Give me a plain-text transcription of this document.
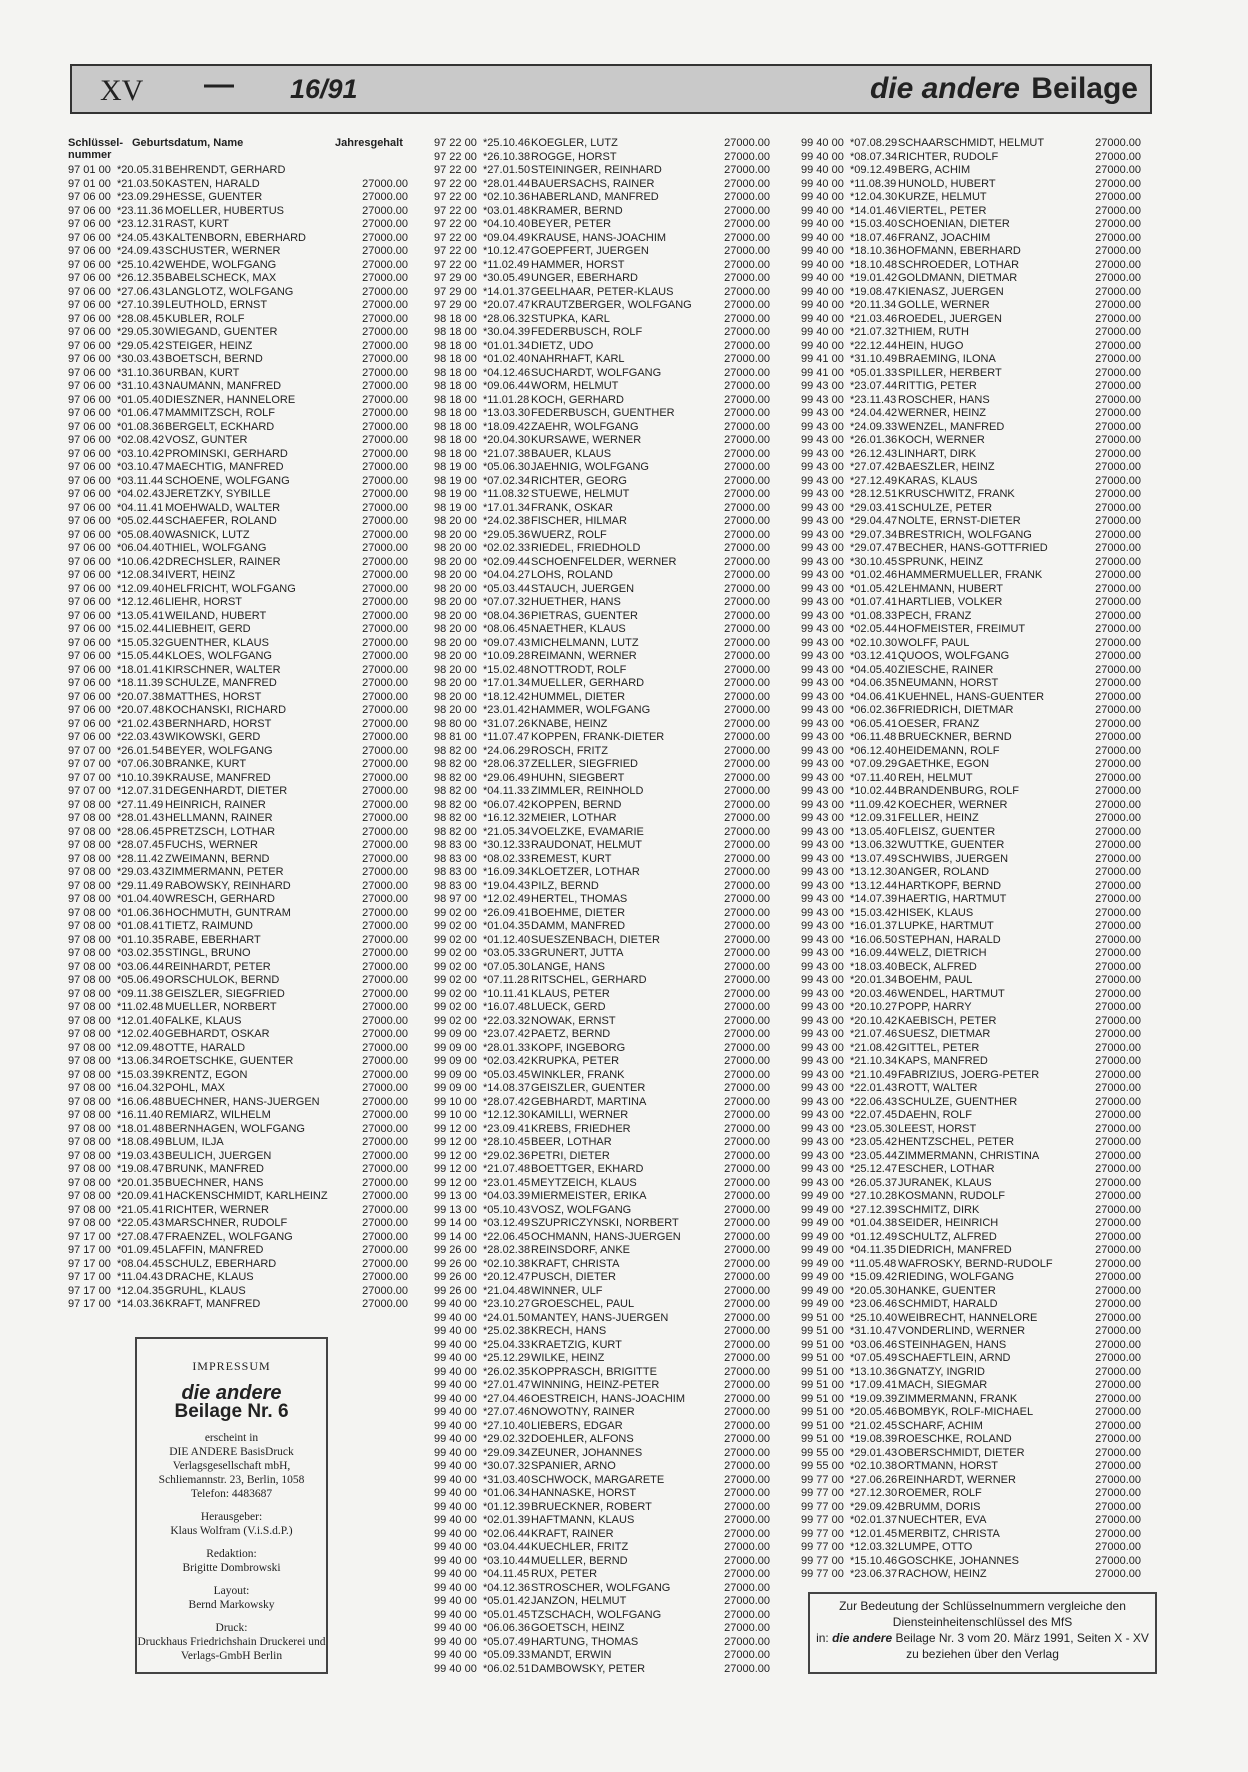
XV — 16/91	die andere Beilage
Schlüssel-
nummer
Geburtsdatum, Name	Jahresgehalt
97 01 00 *20.05.31 BEHRENDT, GERHARD
97 01 00 *21.03.50 KASTEN, HARALD	27000.00
97 06 00 *23.09.29 HESSE, GUENTER	27000.00
97 06 00 *23.11.36 MOELLER, HUBERTUS	27000.00
97 06 00 *23.12.31 RAST, KURT	27000.00
97 06 00 *24.05.43 KALTENBORN, EBERHARD	27000.00
97 06 00 *24.09.43 SCHUSTER, WERNER	27000.00
97 06 00 *25.10.42 WEHDE, WOLFGANG	27000.00
97 06 00 *26.12.35 BABELSCHECK, MAX	27000.00
97 06 00 *27.06.43 LANGLOTZ, WOLFGANG	27000.00
97 06 00 *27.10.39 LEUTHOLD, ERNST	27000.00
97 06 00 *28.08.45 KUBLER, ROLF	27000.00
97 06 00 *29.05.30 WIEGAND, GUENTER	27000.00
97 06 00 *29.05.42 STEIGER, HEINZ	27000.00
97 06 00 *30.03.43 BOETSCH, BERND	27000.00
97 06 00 *31.10.36 URBAN, KURT	27000.00
97 06 00 *31.10.43 NAUMANN, MANFRED	27000.00
97 06 00 *01.05.40 DIESZNER, HANNELORE	27000.00
97 06 00 *01.06.47 MAMMITZSCH, ROLF	27000.00
97 06 00 *01.08.36 BERGELT, ECKHARD	27000.00
97 06 00 *02.08.42 VOSZ, GUNTER	27000.00
97 06 00 *03.10.42 PROMINSKI, GERHARD	27000.00
97 06 00 *03.10.47 MAECHTIG, MANFRED	27000.00
97 06 00 *03.11.44 SCHOENE, WOLFGANG	27000.00
97 06 00 *04.02.43 JERETZKY, SYBILLE	27000.00
97 06 00 *04.11.41 MOEHWALD, WALTER	27000.00
97 06 00 *05.02.44 SCHAEFER, ROLAND	27000.00
97 06 00 *05.08.40 WASNICK, LUTZ	27000.00
97 06 00 *06.04.40 THIEL, WOLFGANG	27000.00
97 06 00 *10.06.42 DRECHSLER, RAINER	27000.00
97 06 00 *12.08.34 IVERT, HEINZ	27000.00
97 06 00 *12.09.40 HELFRICHT, WOLFGANG	27000.00
97 06 00 *12.12.46 LIEHR, HORST	27000.00
97 06 00 *13.05.41 WEILAND, HUBERT	27000.00
97 06 00 *15.02.44 LIEBHEIT, GERD	27000.00
97 06 00 *15.05.32 GUENTHER, KLAUS	27000.00
97 06 00 *15.05.44 KLOES, WOLFGANG	27000.00
97 06 00 *18.01.41 KIRSCHNER, WALTER	27000.00
97 06 00 *18.11.39 SCHULZE, MANFRED	27000.00
97 06 00 *20.07.38 MATTHES, HORST	27000.00
97 06 00 *20.07.48 KOCHANSKI, RICHARD	27000.00
97 06 00 *21.02.43 BERNHARD, HORST	27000.00
97 06 00 *22.03.43 WIKOWSKI, GERD	27000.00
97 07 00 *26.01.54 BEYER, WOLFGANG	27000.00
97 07 00 *07.06.30 BRANKE, KURT	27000.00
97 07 00 *10.10.39 KRAUSE, MANFRED	27000.00
97 07 00 *12.07.31 DEGENHARDT, DIETER	27000.00
97 08 00 *27.11.49 HEINRICH, RAINER	27000.00
97 08 00 *28.01.43 HELLMANN, RAINER	27000.00
97 08 00 *28.06.45 PRETZSCH, LOTHAR	27000.00
97 08 00 *28.07.45 FUCHS, WERNER	27000.00
97 08 00 *28.11.42 ZWEIMANN, BERND	27000.00
97 08 00 *29.03.43 ZIMMERMANN, PETER	27000.00
97 08 00 *29.11.49 RABOWSKY, REINHARD	27000.00
97 08 00 *01.04.40 WRESCH, GERHARD	27000.00
97 08 00 *01.06.36 HOCHMUTH, GUNTRAM	27000.00
97 08 00 *01.08.41 TIETZ, RAIMUND	27000.00
97 08 00 *01.10.35 RABE, EBERHART	27000.00
97 08 00 *03.02.35 STINGL, BRUNO	27000.00
97 08 00 *03.06.44 REINHARDT, PETER	27000.00
97 08 00 *05.06.49 ORSCHULOK, BERND	27000.00
97 08 00 *09.11.38 GEISZLER, SIEGFRIED	27000.00
97 08 00 *11.02.48 MUELLER, NORBERT	27000.00
97 08 00 *12.01.40 FALKE, KLAUS	27000.00
97 08 00 *12.02.40 GEBHARDT, OSKAR	27000.00
97 08 00 *12.09.48 OTTE, HARALD	27000.00
97 08 00 *13.06.34 ROETSCHKE, GUENTER	27000.00
97 08 00 *15.03.39 KRENTZ, EGON	27000.00
97 08 00 *16.04.32 POHL, MAX	27000.00
97 08 00 *16.06.48 BUECHNER, HANS-JUERGEN	27000.00
97 08 00 *16.11.40 REMIARZ, WILHELM	27000.00
97 08 00 *18.01.48 BERNHAGEN, WOLFGANG	27000.00
97 08 00 *18.08.49 BLUM, ILJA	27000.00
97 08 00 *19.03.43 BEULICH, JUERGEN	27000.00
97 08 00 *19.08.47 BRUNK, MANFRED	27000.00
97 08 00 *20.01.35 BUECHNER, HANS	27000.00
97 08 00 *20.09.41 HACKENSCHMIDT, KARLHEINZ	27000.00
97 08 00 *21.05.41 RICHTER, WERNER	27000.00
97 08 00 *22.05.43 MARSCHNER, RUDOLF	27000.00
97 17 00 *27.08.47 FRAENZEL, WOLFGANG	27000.00
97 17 00 *01.09.45 LAFFIN, MANFRED	27000.00
97 17 00 *08.04.45 SCHULZ, EBERHARD	27000.00
97 17 00 *11.04.43 DRACHE, KLAUS	27000.00
97 17 00 *12.04.35 GRUHL, KLAUS	27000.00
97 17 00 *14.03.36 KRAFT, MANFRED	27000.00
97 22 00 *25.10.46 KOEGLER, LUTZ	27000.00
97 22 00 *26.10.38 ROGGE, HORST	27000.00
97 22 00 *27.01.50 STEININGER, REINHARD	27000.00
97 22 00 *28.01.44 BAUERSACHS, RAINER	27000.00
97 22 00 *02.10.36 HABERLAND, MANFRED	27000.00
97 22 00 *03.01.48 KRAMER, BERND	27000.00
97 22 00 *04.10.40 BEYER, PETER	27000.00
97 22 00 *09.04.49 KRAUSE, HANS-JOACHIM	27000.00
97 22 00 *10.12.47 GOEPFERT, JUERGEN	27000.00
97 22 00 *11.02.49 HAMMER, HORST	27000.00
97 29 00 *30.05.49 UNGER, EBERHARD	27000.00
97 29 00 *14.01.37 GEELHAAR, PETER-KLAUS	27000.00
97 29 00 *20.07.47 KRAUTZBERGER, WOLFGANG	27000.00
98 18 00 *28.06.32 STUPKA, KARL	27000.00
98 18 00 *30.04.39 FEDERBUSCH, ROLF	27000.00
98 18 00 *01.01.34 DIETZ, UDO	27000.00
98 18 00 *01.02.40 NAHRHAFT, KARL	27000.00
98 18 00 *04.12.46 SUCHARDT, WOLFGANG	27000.00
98 18 00 *09.06.44 WORM, HELMUT	27000.00
98 18 00 *11.01.28 KOCH, GERHARD	27000.00
98 18 00 *13.03.30 FEDERBUSCH, GUENTHER	27000.00
98 18 00 *18.09.42 ZAEHR, WOLFGANG	27000.00
98 18 00 *20.04.30 KURSAWE, WERNER	27000.00
98 18 00 *21.07.38 BAUER, KLAUS	27000.00
98 19 00 *05.06.30 JAEHNIG, WOLFGANG	27000.00
98 19 00 *07.02.34 RICHTER, GEORG	27000.00
98 19 00 *11.08.32 STUEWE, HELMUT	27000.00
98 19 00 *17.01.34 FRANK, OSKAR	27000.00
98 20 00 *24.02.38 FISCHER, HILMAR	27000.00
98 20 00 *29.05.36 WUERZ, ROLF	27000.00
98 20 00 *02.02.33 RIEDEL, FRIEDHOLD	27000.00
98 20 00 *02.09.44 SCHOENFELDER, WERNER	27000.00
98 20 00 *04.04.27 LOHS, ROLAND	27000.00
98 20 00 *05.03.44 STAUCH, JUERGEN	27000.00
98 20 00 *07.07.32 HUETHER, HANS	27000.00
98 20 00 *08.04.36 PIETRAS, GUENTER	27000.00
98 20 00 *08.06.45 NAETHER, KLAUS	27000.00
98 20 00 *09.07.43 MICHELMANN, LUTZ	27000.00
98 20 00 *10.09.28 REIMANN, WERNER	27000.00
98 20 00 *15.02.48 NOTTRODT, ROLF	27000.00
98 20 00 *17.01.34 MUELLER, GERHARD	27000.00
98 20 00 *18.12.42 HUMMEL, DIETER	27000.00
98 20 00 *23.01.42 HAMMER, WOLFGANG	27000.00
98 80 00 *31.07.26 KNABE, HEINZ	27000.00
98 81 00 *11.07.47 KOPPEN, FRANK-DIETER	27000.00
98 82 00 *24.06.29 ROSCH, FRITZ	27000.00
98 82 00 *28.06.37 ZELLER, SIEGFRIED	27000.00
98 82 00 *29.06.49 HUHN, SIEGBERT	27000.00
98 82 00 *04.11.33 ZIMMLER, REINHOLD	27000.00
98 82 00 *06.07.42 KOPPEN, BERND	27000.00
98 82 00 *16.12.32 MEIER, LOTHAR	27000.00
98 82 00 *21.05.34 VOELZKE, EVAMARIE	27000.00
98 83 00 *30.12.33 RAUDONAT, HELMUT	27000.00
98 83 00 *08.02.33 REMEST, KURT	27000.00
98 83 00 *16.09.34 KLOETZER, LOTHAR	27000.00
98 83 00 *19.04.43 PILZ, BERND	27000.00
98 97 00 *12.02.49 HERTEL, THOMAS	27000.00
99 02 00 *26.09.41 BOEHME, DIETER	27000.00
99 02 00 *01.04.35 DAMM, MANFRED	27000.00
99 02 00 *01.12.40 SUESZENBACH, DIETER	27000.00
99 02 00 *03.05.33 GRUNERT, JUTTA	27000.00
99 02 00 *07.05.30 LANGE, HANS	27000.00
99 02 00 *07.11.28 RITSCHEL, GERHARD	27000.00
99 02 00 *10.11.41 KLAUS, PETER	27000.00
99 02 00 *16.07.48 LUECK, GERD	27000.00
99 02 00 *22.03.32 NOWAK, ERNST	27000.00
99 09 00 *23.07.42 PAETZ, BERND	27000.00
99 09 00 *28.01.33 KOPF, INGEBORG	27000.00
99 09 00 *02.03.42 KRUPKA, PETER	27000.00
99 09 00 *05.03.45 WINKLER, FRANK	27000.00
99 09 00 *14.08.37 GEISZLER, GUENTER	27000.00
99 10 00 *28.07.42 GEBHARDT, MARTINA	27000.00
99 10 00 *12.12.30 KAMILLI, WERNER	27000.00
99 12 00 *23.09.41 KREBS, FRIEDHER	27000.00
99 12 00 *28.10.45 BEER, LOTHAR	27000.00
99 12 00 *29.02.36 PETRI, DIETER	27000.00
99 12 00 *21.07.48 BOETTGER, EKHARD	27000.00
99 12 00 *23.01.45 MEYTZEICH, KLAUS	27000.00
99 13 00 *04.03.39 MIERMEISTER, ERIKA	27000.00
99 13 00 *05.10.43 VOSZ, WOLFGANG	27000.00
99 14 00 *03.12.49 SZUPRICZYNSKI, NORBERT	27000.00
99 14 00 *22.06.45 OCHMANN, HANS-JUERGEN	27000.00
99 26 00 *28.02.38 REINSDORF, ANKE	27000.00
99 26 00 *02.10.38 KRAFT, CHRISTA	27000.00
99 26 00 *20.12.47 PUSCH, DIETER	27000.00
99 26 00 *21.04.48 WINNER, ULF	27000.00
99 40 00 *23.10.27 GROESCHEL, PAUL	27000.00
99 40 00 *24.01.50 MANTEY, HANS-JUERGEN	27000.00
99 40 00 *25.02.38 KRECH, HANS	27000.00
99 40 00 *25.04.33 KRAETZIG, KURT	27000.00
99 40 00 *25.12.29 WILKE, HEINZ	27000.00
99 40 00 *26.02.35 KOPPRASCH, BRIGITTE	27000.00
99 40 00 *27.01.47 WINNING, HEINZ-PETER	27000.00
99 40 00 *27.04.46 OESTREICH, HANS-JOACHIM	27000.00
99 40 00 *27.07.46 NOWOTNY, RAINER	27000.00
99 40 00 *27.10.40 LIEBERS, EDGAR	27000.00
99 40 00 *29.02.32 DOEHLER, ALFONS	27000.00
99 40 00 *29.09.34 ZEUNER, JOHANNES	27000.00
99 40 00 *30.07.32 SPANIER, ARNO	27000.00
99 40 00 *31.03.40 SCHWOCK, MARGARETE	27000.00
99 40 00 *01.06.34 HANNASKE, HORST	27000.00
99 40 00 *01.12.39 BRUECKNER, ROBERT	27000.00
99 40 00 *02.01.39 HAFTMANN, KLAUS	27000.00
99 40 00 *02.06.44 KRAFT, RAINER	27000.00
99 40 00 *03.04.44 KUECHLER, FRITZ	27000.00
99 40 00 *03.10.44 MUELLER, BERND	27000.00
99 40 00 *04.11.45 RUX, PETER	27000.00
99 40 00 *04.12.36 STROSCHER, WOLFGANG	27000.00
99 40 00 *05.01.42 JANZON, HELMUT	27000.00
99 40 00 *05.01.45 TZSCHACH, WOLFGANG	27000.00
99 40 00 *06.06.36 GOETSCH, HEINZ	27000.00
99 40 00 *05.07.49 HARTUNG, THOMAS	27000.00
99 40 00 *05.09.33 MANDT, ERWIN	27000.00
99 40 00 *06.02.51 DAMBOWSKY, PETER	27000.00
99 40 00 *07.08.29 SCHAARSCHMIDT, HELMUT	27000.00
99 40 00 *08.07.34 RICHTER, RUDOLF	27000.00
99 40 00 *09.12.49 BERG, ACHIM	27000.00
99 40 00 *11.08.39 HUNOLD, HUBERT	27000.00
99 40 00 *12.04.30 KURZE, HELMUT	27000.00
99 40 00 *14.01.46 VIERTEL, PETER	27000.00
99 40 00 *15.03.40 SCHOENIAN, DIETER	27000.00
99 40 00 *18.07.46 FRANZ, JOACHIM	27000.00
99 40 00 *18.10.36 HOFMANN, EBERHARD	27000.00
99 40 00 *18.10.48 SCHROEDER, LOTHAR	27000.00
99 40 00 *19.01.42 GOLDMANN, DIETMAR	27000.00
99 40 00 *19.08.47 KIENASZ, JUERGEN	27000.00
99 40 00 *20.11.34 GOLLE, WERNER	27000.00
99 40 00 *21.03.46 ROEDEL, JUERGEN	27000.00
99 40 00 *21.07.32 THIEM, RUTH	27000.00
99 40 00 *22.12.44 HEIN, HUGO	27000.00
99 41 00 *31.10.49 BRAEMING, ILONA	27000.00
99 41 00 *05.01.33 SPILLER, HERBERT	27000.00
99 43 00 *23.07.44 RITTIG, PETER	27000.00
99 43 00 *23.11.43 ROSCHER, HANS	27000.00
99 43 00 *24.04.42 WERNER, HEINZ	27000.00
99 43 00 *24.09.33 WENZEL, MANFRED	27000.00
99 43 00 *26.01.36 KOCH, WERNER	27000.00
99 43 00 *26.12.43 LINHART, DIRK	27000.00
99 43 00 *27.07.42 BAESZLER, HEINZ	27000.00
99 43 00 *27.12.49 KARAS, KLAUS	27000.00
99 43 00 *28.12.51 KRUSCHWITZ, FRANK	27000.00
99 43 00 *29.03.41 SCHULZE, PETER	27000.00
99 43 00 *29.04.47 NOLTE, ERNST-DIETER	27000.00
99 43 00 *29.07.34 BRESTRICH, WOLFGANG	27000.00
99 43 00 *29.07.47 BECHER, HANS-GOTTFRIED	27000.00
99 43 00 *30.10.45 SPRUNK, HEINZ	27000.00
99 43 00 *01.02.46 HAMMERMUELLER, FRANK	27000.00
99 43 00 *01.05.42 LEHMANN, HUBERT	27000.00
99 43 00 *01.07.41 HARTLIEB, VOLKER	27000.00
99 43 00 *01.08.33 PECH, FRANZ	27000.00
99 43 00 *02.05.44 HOFMEISTER, FREIMUT	27000.00
99 43 00 *02.10.30 WOLFF, PAUL	27000.00
99 43 00 *03.12.41 QUOOS, WOLFGANG	27000.00
99 43 00 *04.05.40 ZIESCHE, RAINER	27000.00
99 43 00 *04.06.35 NEUMANN, HORST	27000.00
99 43 00 *04.06.41 KUEHNEL, HANS-GUENTER	27000.00
99 43 00 *06.02.36 FRIEDRICH, DIETMAR	27000.00
99 43 00 *06.05.41 OESER, FRANZ	27000.00
99 43 00 *06.11.48 BRUECKNER, BERND	27000.00
99 43 00 *06.12.40 HEIDEMANN, ROLF	27000.00
99 43 00 *07.09.29 GAETHKE, EGON	27000.00
99 43 00 *07.11.40 REH, HELMUT	27000.00
99 43 00 *10.02.44 BRANDENBURG, ROLF	27000.00
99 43 00 *11.09.42 KOECHER, WERNER	27000.00
99 43 00 *12.09.31 FELLER, HEINZ	27000.00
99 43 00 *13.05.40 FLEISZ, GUENTER	27000.00
99 43 00 *13.06.32 WUTTKE, GUENTER	27000.00
99 43 00 *13.07.49 SCHWIBS, JUERGEN	27000.00
99 43 00 *13.12.30 ANGER, ROLAND	27000.00
99 43 00 *13.12.44 HARTKOPF, BERND	27000.00
99 43 00 *14.07.39 HAERTIG, HARTMUT	27000.00
99 43 00 *15.03.42 HISEK, KLAUS	27000.00
99 43 00 *16.01.37 LUPKE, HARTMUT	27000.00
99 43 00 *16.06.50 STEPHAN, HARALD	27000.00
99 43 00 *16.09.44 WELZ, DIETRICH	27000.00
99 43 00 *18.03.40 BECK, ALFRED	27000.00
99 43 00 *20.01.34 BOEHM, PAUL	27000.00
99 43 00 *20.03.46 WENDEL, HARTMUT	27000.00
99 43 00 *20.10.27 POPP, HARRY	27000.00
99 43 00 *20.10.42 KAEBISCH, PETER	27000.00
99 43 00 *21.07.46 SUESZ, DIETMAR	27000.00
99 43 00 *21.08.42 GITTEL, PETER	27000.00
99 43 00 *21.10.34 KAPS, MANFRED	27000.00
99 43 00 *21.10.49 FABRIZIUS, JOERG-PETER	27000.00
99 43 00 *22.01.43 ROTT, WALTER	27000.00
99 43 00 *22.06.43 SCHULZE, GUENTHER	27000.00
99 43 00 *22.07.45 DAEHN, ROLF	27000.00
99 43 00 *23.05.30 LEEST, HORST	27000.00
99 43 00 *23.05.42 HENTZSCHEL, PETER	27000.00
99 43 00 *23.05.44 ZIMMERMANN, CHRISTINA	27000.00
99 43 00 *25.12.47 ESCHER, LOTHAR	27000.00
99 43 00 *26.05.37 JURANEK, KLAUS	27000.00
99 49 00 *27.10.28 KOSMANN, RUDOLF	27000.00
99 49 00 *27.12.39 SCHMITZ, DIRK	27000.00
99 49 00 *01.04.38 SEIDER, HEINRICH	27000.00
99 49 00 *01.12.49 SCHULTZ, ALFRED	27000.00
99 49 00 *04.11.35 DIEDRICH, MANFRED	27000.00
99 49 00 *11.05.48 WAFROSKY, BERND-RUDOLF	27000.00
99 49 00 *15.09.42 RIEDING, WOLFGANG	27000.00
99 49 00 *20.05.30 HANKE, GUENTER	27000.00
99 49 00 *23.06.46 SCHMIDT, HARALD	27000.00
99 51 00 *25.10.40 WEIBRECHT, HANNELORE	27000.00
99 51 00 *31.10.47 VONDERLIND, WERNER	27000.00
99 51 00 *03.06.46 STEINHAGEN, HANS	27000.00
99 51 00 *07.05.49 SCHAEFTLEIN, ARND	27000.00
99 51 00 *13.10.36 GNATZY, INGRID	27000.00
99 51 00 *17.09.41 MACH, SIEGMAR	27000.00
99 51 00 *19.09.39 ZIMMERMANN, FRANK	27000.00
99 51 00 *20.05.46 BOMBYK, ROLF-MICHAEL	27000.00
99 51 00 *21.02.45 SCHARF, ACHIM	27000.00
99 51 00 *19.08.39 ROESCHKE, ROLAND	27000.00
99 55 00 *29.01.43 OBERSCHMIDT, DIETER	27000.00
99 55 00 *02.10.38 ORTMANN, HORST	27000.00
99 77 00 *27.06.26 REINHARDT, WERNER	27000.00
99 77 00 *27.12.30 ROEMER, ROLF	27000.00
99 77 00 *29.09.42 BRUMM, DORIS	27000.00
99 77 00 *02.01.37 NUECHTER, EVA	27000.00
99 77 00 *12.01.45 MERBITZ, CHRISTA	27000.00
99 77 00 *12.03.32 LUMPE, OTTO	27000.00
99 77 00 *15.10.46 GOSCHKE, JOHANNES	27000.00
99 77 00 *23.06.37 RACHOW, HEINZ	27000.00
IMPRESSUM
die andere
Beilage Nr. 6
erscheint in
DIE ANDERE BasisDruck
Verlagsgesellschaft mbH,
Schliemannstr. 23, Berlin, 1058
Telefon: 4483687
Herausgeber:
Klaus Wolfram (V.i.S.d.P.)
Redaktion:
Brigitte Dombrowski
Layout:
Bernd Markowsky
Druck:
Druckhaus Friedrichshain Druckerei und
Verlags-GmbH Berlin
Zur Bedeutung der Schlüsselnummern vergleiche den
Diensteinheitenschlüssel des MfS
in: die andere Beilage Nr. 3 vom 20. März 1991, Seiten X - XV
zu beziehen über den Verlag
